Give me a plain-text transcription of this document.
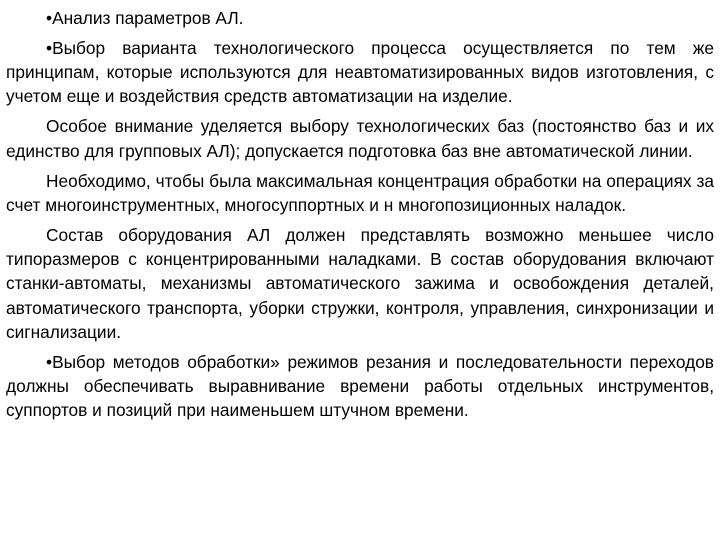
•Анализ параметров АЛ.

•Выбор варианта технологического процесса осуществляется по тем же принципам, которые используются для неавтоматизированных видов изготовления, с учетом еще и воздействия средств автоматизации на изделие.

Особое внимание уделяется выбору технологических баз (постоянство баз и их единство для групповых АЛ); допускается подготовка баз вне автоматической линии.

Необходимо, чтобы была максимальная концентрация обработки на операциях за счет многоинструментных, многосуппортных и н многопозиционных наладок.

Состав оборудования АЛ должен представлять возможно меньшее число типоразмеров с концентрированными наладками. В состав оборудования включают станки-автоматы, механизмы автоматического зажима и освобождения деталей, автоматического транспорта, уборки стружки, контроля, управления, синхронизации и сигнализации.

•Выбор методов обработки» режимов резания и последовательности переходов должны обеспечивать выравнивание времени работы отдельных инструментов, суппортов и позиций при наименьшем штучном времени.
